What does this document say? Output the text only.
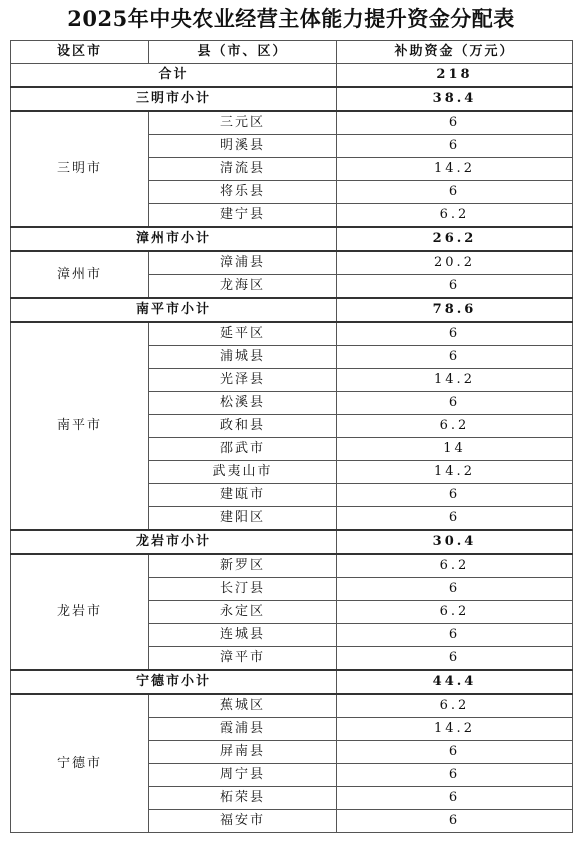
2025年中央农业经营主体能力提升资金分配表
设区市	县（市、区）	补助资金（万元）
合计		218
三明市小计		38.4
三明市	三元区	6
	明溪县	6
	清流县	14.2
	将乐县	6
	建宁县	6.2
漳州市小计		26.2
漳州市	漳浦县	20.2
	龙海区	6
南平市小计		78.6
南平市	延平区	6
	浦城县	6
	光泽县	14.2
	松溪县	6
	政和县	6.2
	邵武市	14
	武夷山市	14.2
	建瓯市	6
	建阳区	6
龙岩市小计		30.4
龙岩市	新罗区	6.2
	长汀县	6
	永定区	6.2
	连城县	6
	漳平市	6
宁德市小计		44.4
宁德市	蕉城区	6.2
	霞浦县	14.2
	屏南县	6
	周宁县	6
	柘荣县	6
	福安市	6
